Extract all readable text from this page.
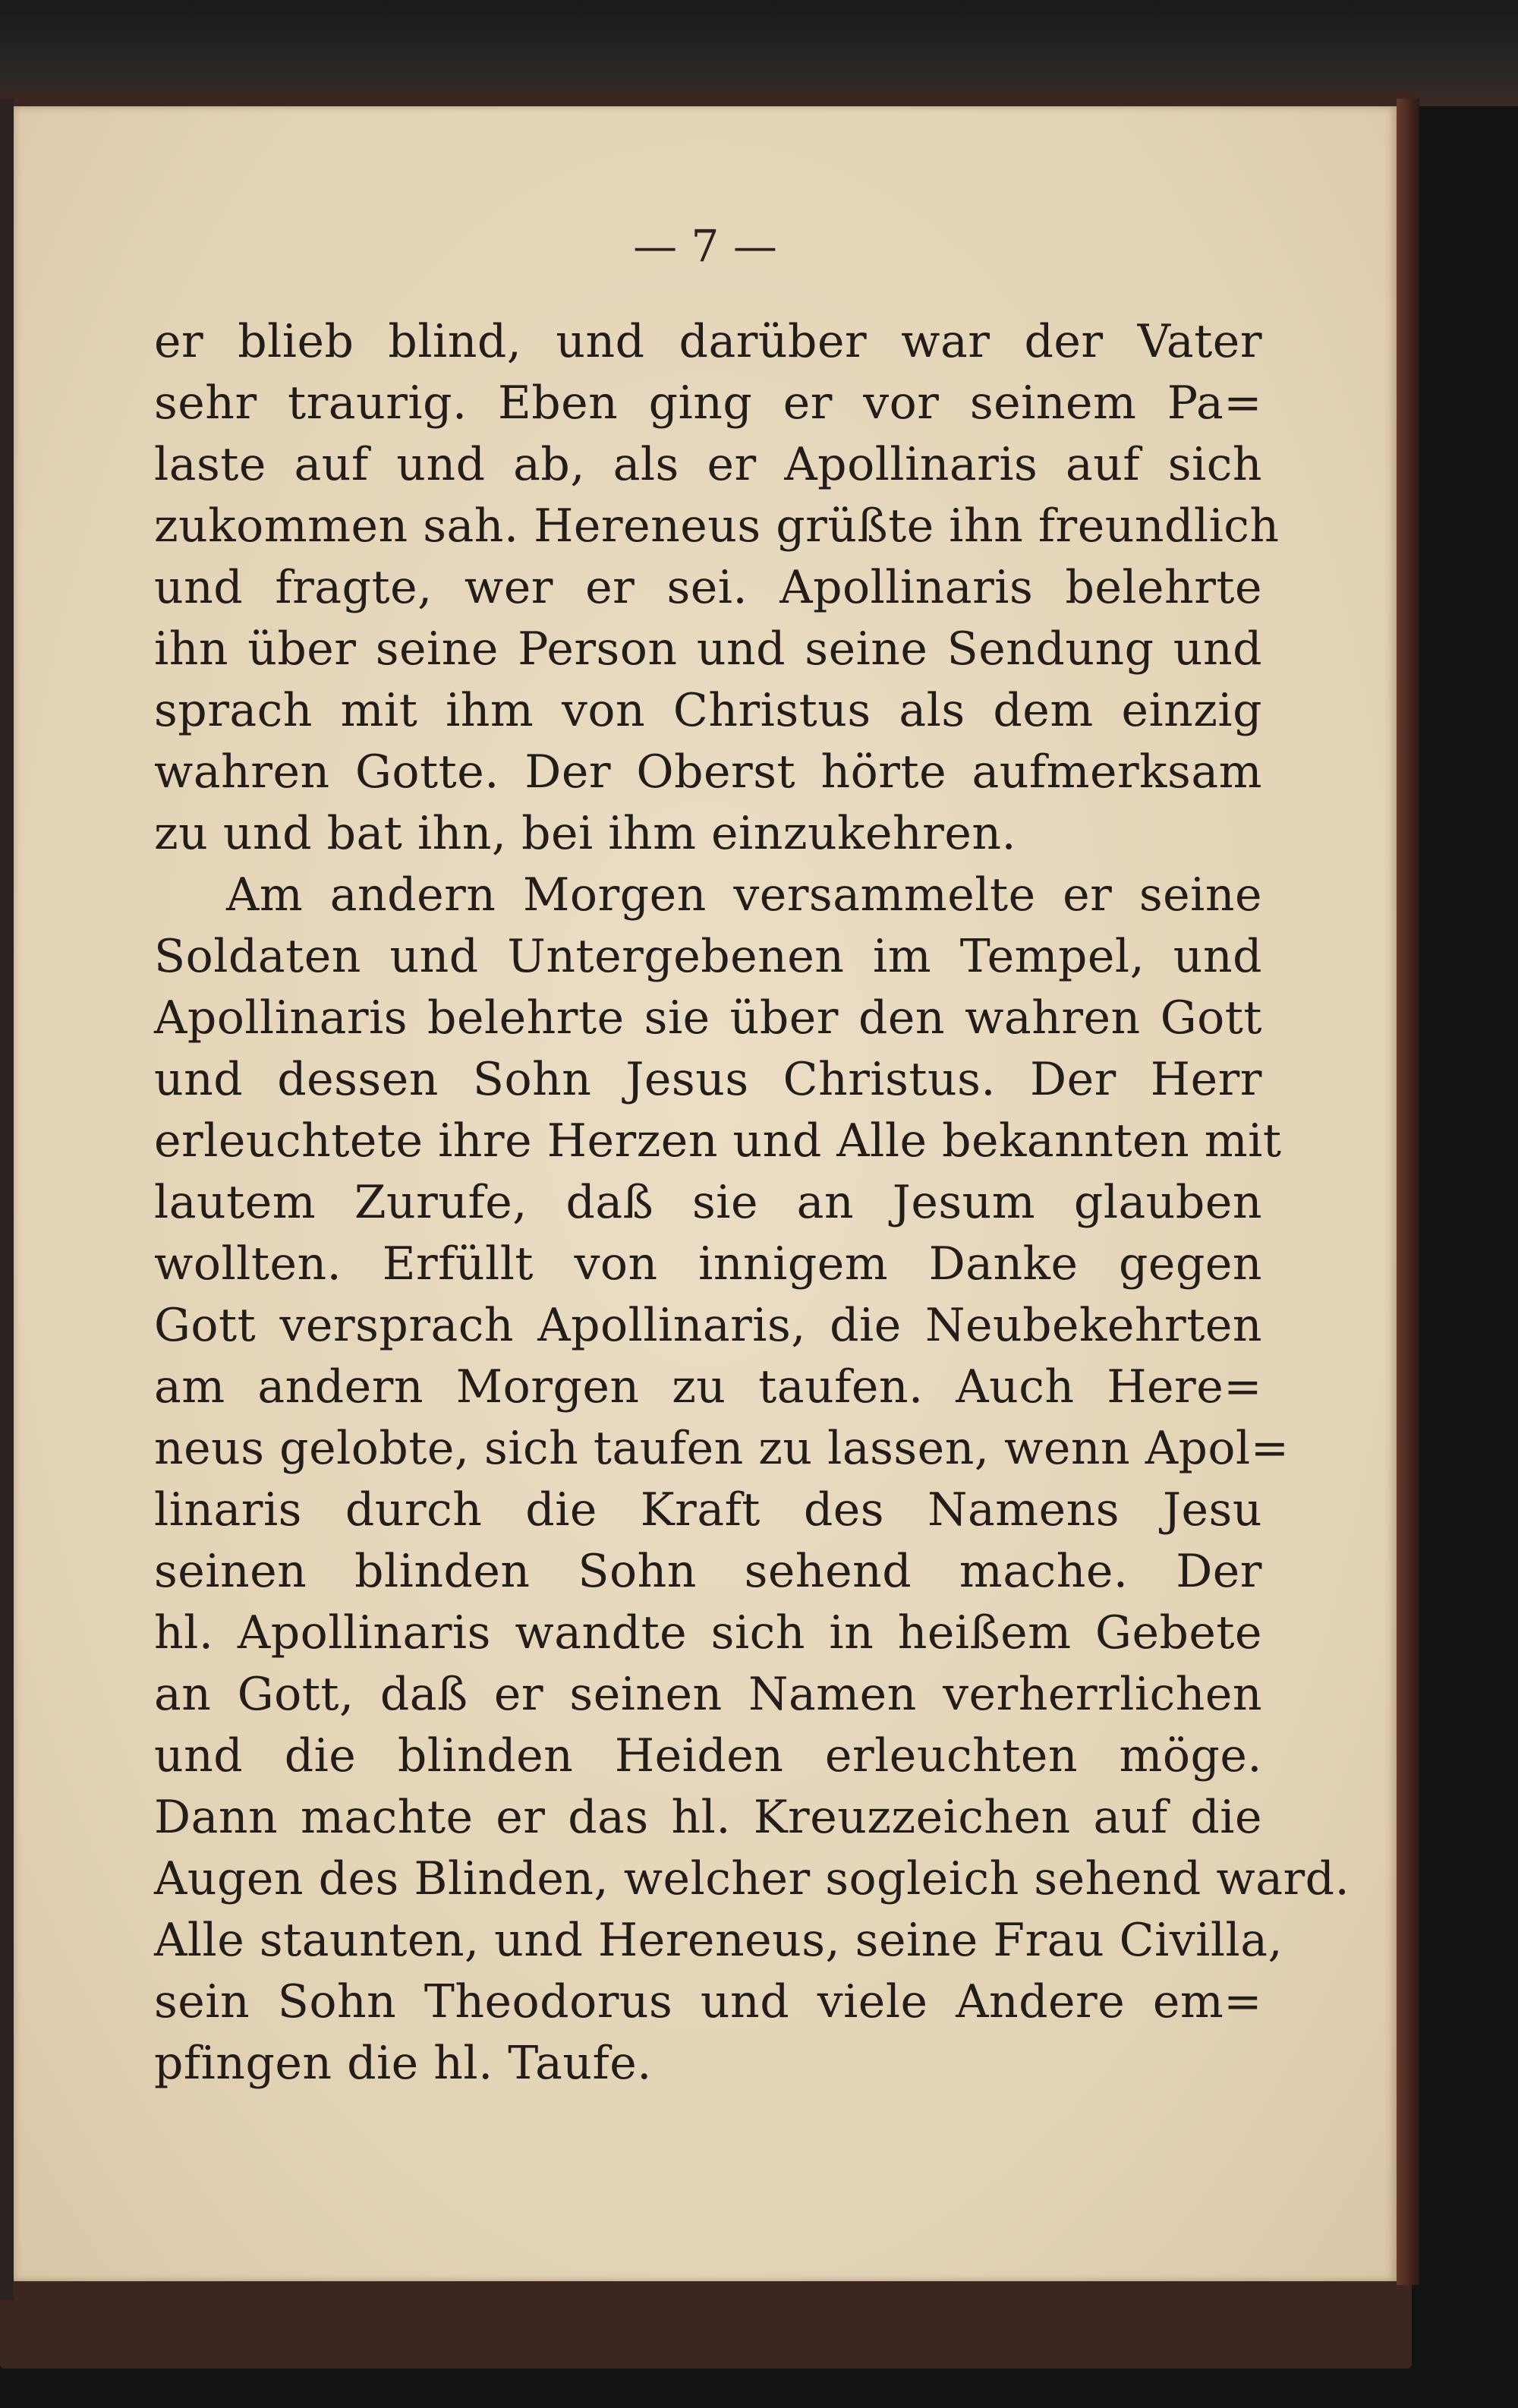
— 7 —
er blieb blind, und darüber war der Vater
sehr traurig. Eben ging er vor seinem Pa=
laste auf und ab, als er Apollinaris auf sich
zukommen sah. Hereneus grüßte ihn freundlich
und fragte, wer er sei. Apollinaris belehrte
ihn über seine Person und seine Sendung und
sprach mit ihm von Christus als dem einzig
wahren Gotte. Der Oberst hörte aufmerksam
zu und bat ihn, bei ihm einzukehren.
Am andern Morgen versammelte er seine
Soldaten und Untergebenen im Tempel, und
Apollinaris belehrte sie über den wahren Gott
und dessen Sohn Jesus Christus. Der Herr
erleuchtete ihre Herzen und Alle bekannten mit
lautem Zurufe, daß sie an Jesum glauben
wollten. Erfüllt von innigem Danke gegen
Gott versprach Apollinaris, die Neubekehrten
am andern Morgen zu taufen. Auch Here=
neus gelobte, sich taufen zu lassen, wenn Apol=
linaris durch die Kraft des Namens Jesu
seinen blinden Sohn sehend mache. Der
hl. Apollinaris wandte sich in heißem Gebete
an Gott, daß er seinen Namen verherrlichen
und die blinden Heiden erleuchten möge.
Dann machte er das hl. Kreuzzeichen auf die
Augen des Blinden, welcher sogleich sehend ward.
Alle staunten, und Hereneus, seine Frau Civilla,
sein Sohn Theodorus und viele Andere em=
pfingen die hl. Taufe.
